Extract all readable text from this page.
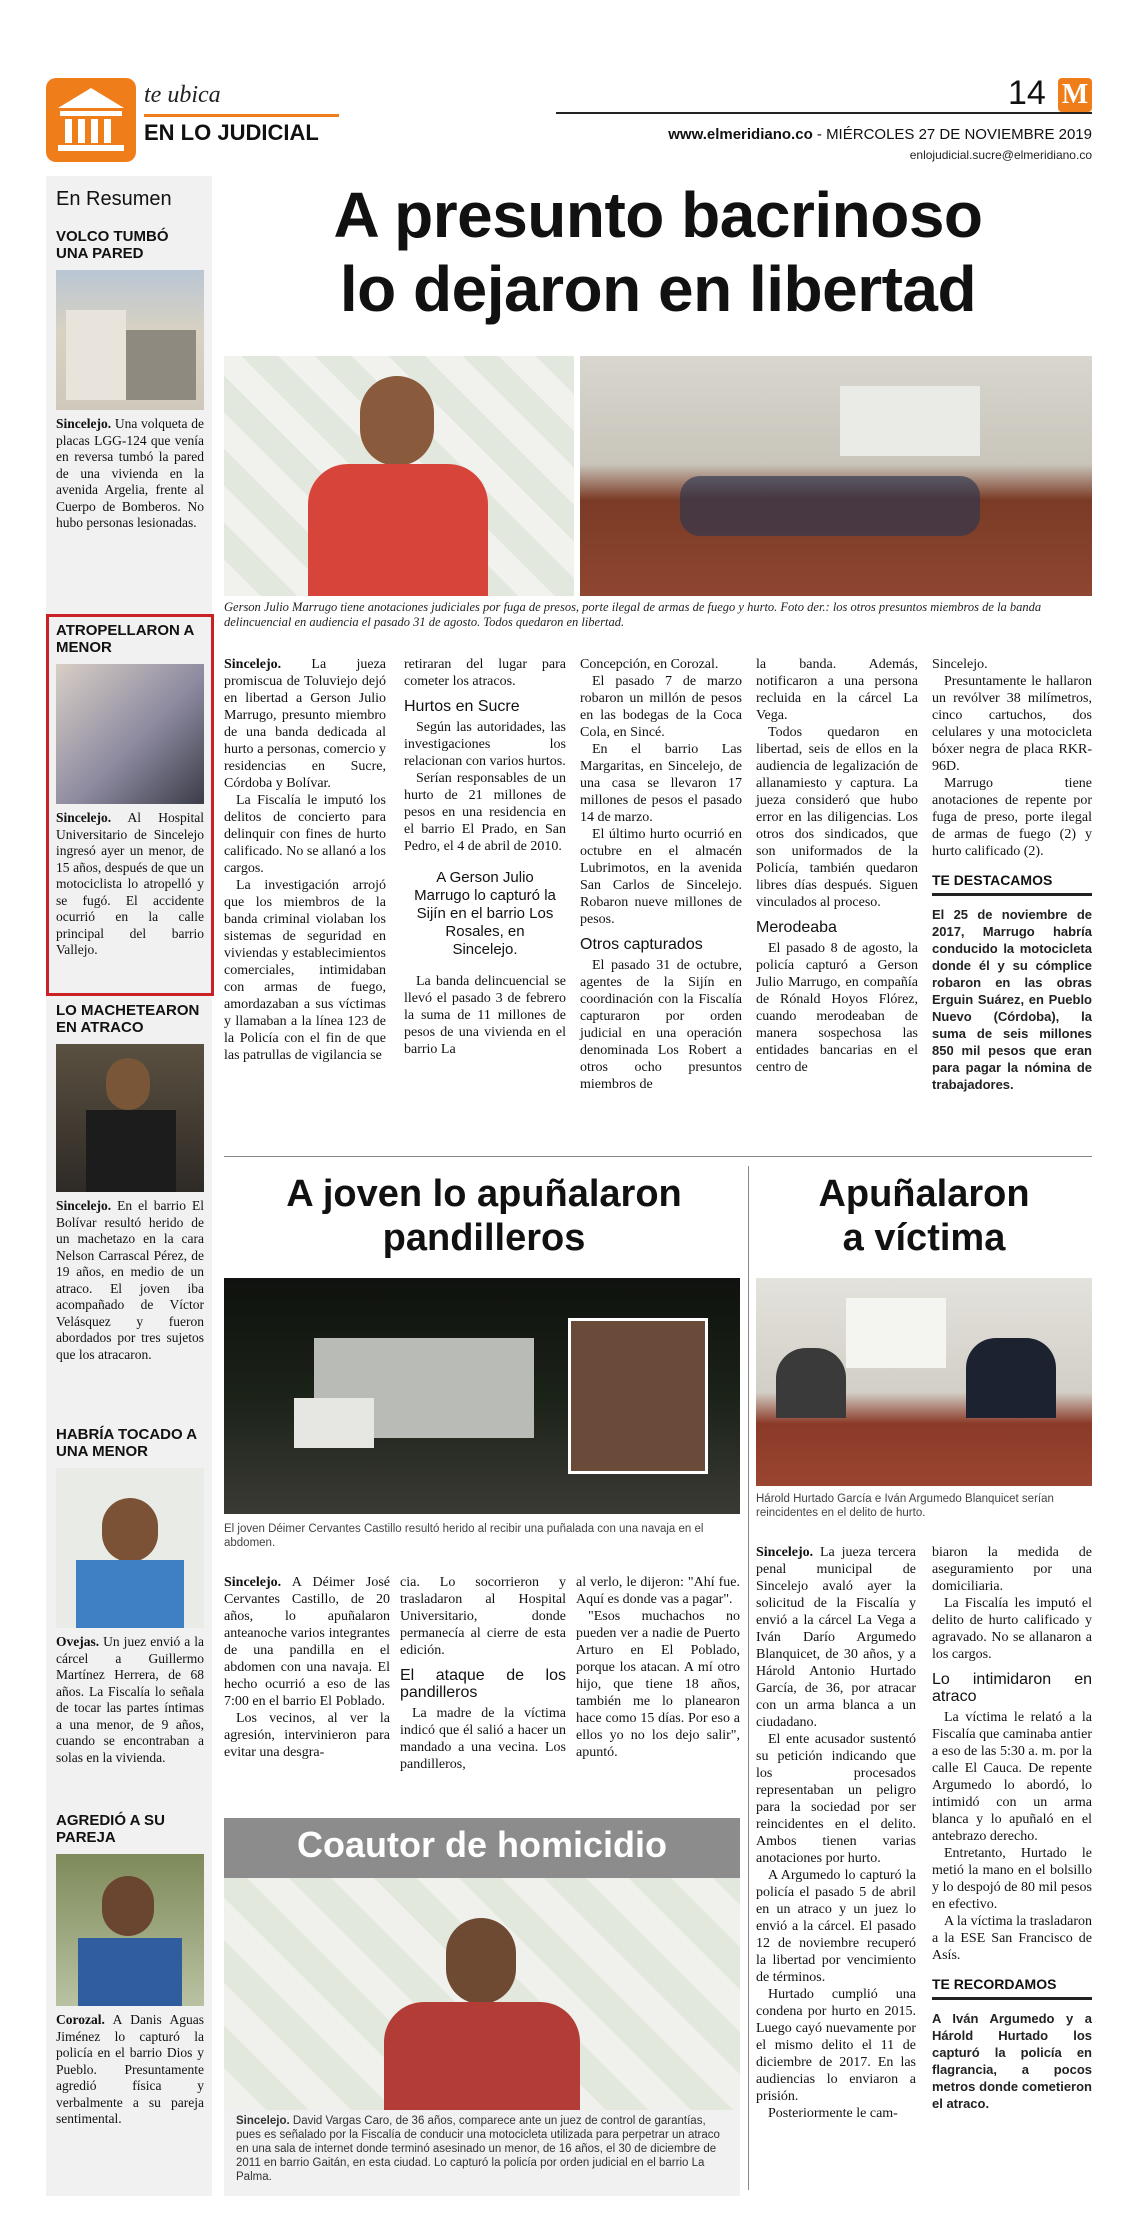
te ubica
EN LO JUDICIAL
14 M
www.elmeridiano.co - MIÉRCOLES 27 DE NOVIEMBRE 2019
enlojudicial.sucre@elmeridiano.co
En Resumen
VOLCO TUMBÓ UNA PARED
Sincelejo. Una volqueta de placas LGG-124 que venía en reversa tumbó la pared de una vivienda en la avenida Argelia, frente al Cuerpo de Bomberos. No hubo personas lesionadas.
ATROPELLARON A MENOR
Sincelejo. Al Hospital Universitario de Sincelejo ingresó ayer un menor, de 15 años, después de que un motociclista lo atropelló y se fugó. El accidente ocurrió en la calle principal del barrio Vallejo.
LO MACHETEARON EN ATRACO
Sincelejo. En el barrio El Bolívar resultó herido de un machetazo en la cara Nelson Carrascal Pérez, de 19 años, en medio de un atraco. El joven iba acompañado de Víctor Velásquez y fueron abordados por tres sujetos que los atracaron.
HABRÍA TOCADO A UNA MENOR
Ovejas. Un juez envió a la cárcel a Guillermo Martínez Herrera, de 68 años. La Fiscalía lo señala de tocar las partes íntimas a una menor, de 9 años, cuando se encontraban a solas en la vivienda.
AGREDIÓ A SU PAREJA
Corozal. A Danis Aguas Jiménez lo capturó la policía en el barrio Dios y Pueblo. Presuntamente agredió física y verbalmente a su pareja sentimental.
A presunto bacrinoso
lo dejaron en libertad
Gerson Julio Marrugo tiene anotaciones judiciales por fuga de presos, porte ilegal de armas de fuego y hurto. Foto der.: los otros presuntos miembros de la banda delincuencial en audiencia el pasado 31 de agosto. Todos quedaron en libertad.

Sincelejo. La jueza promiscua de Toluviejo dejó en libertad a Gerson Julio Marrugo, presunto miembro de una banda dedicada al hurto a personas, comercio y residencias en Sucre, Córdoba y Bolívar.

La Fiscalía le imputó los delitos de concierto para delinquir con fines de hurto calificado. No se allanó a los cargos.

La investigación arrojó que los miembros de la banda criminal violaban los sistemas de seguridad en viviendas y establecimientos comerciales, intimidaban con armas de fuego, amordazaban a sus víctimas y llamaban a la línea 123 de la Policía con el fin de que las patrullas de vigilancia se

retiraran del lugar para cometer los atracos.

Hurtos en Sucre

Según las autoridades, las investigaciones los relacionan con varios hurtos.

Serían responsables de un hurto de 21 millones de pesos en una residencia en el barrio El Prado, en San Pedro, el 4 de abril de 2010.

A Gerson Julio Marrugo lo capturó la Sijín en el barrio Los Rosales, en Sincelejo.

La banda delincuencial se llevó el pasado 3 de febrero la suma de 11 millones de pesos de una vivienda en el barrio La

Concepción, en Corozal.

El pasado 7 de marzo robaron un millón de pesos en las bodegas de la Coca Cola, en Sincé.

En el barrio Las Margaritas, en Sincelejo, de una casa se llevaron 17 millones de pesos el pasado 14 de marzo.

El último hurto ocurrió en octubre en el almacén Lubrimotos, en la avenida San Carlos de Sincelejo. Robaron nueve millones de pesos.

Otros capturados

El pasado 31 de octubre, agentes de la Sijín en coordinación con la Fiscalía capturaron por orden judicial en una operación denominada Los Robert a otros ocho presuntos miembros de

la banda. Además, notificaron a una persona recluida en la cárcel La Vega.

Todos quedaron en libertad, seis de ellos en la audiencia de legalización de allanamiesto y captura. La jueza consideró que hubo error en las diligencias. Los otros dos sindicados, que son uniformados de la Policía, también quedaron libres días después. Siguen vinculados al proceso.

Merodeaba

El pasado 8 de agosto, la policía capturó a Gerson Julio Marrugo, en compañía de Rónald Hoyos Flórez, cuando merodeaban de manera sospechosa las entidades bancarias en el centro de

Sincelejo.

Presuntamente le hallaron un revólver 38 milímetros, cinco cartuchos, dos celulares y una motocicleta bóxer negra de placa RKR-96D.

Marrugo tiene anotaciones de repente por fuga de preso, porte ilegal de armas de fuego (2) y hurto calificado (2).

TE DESTACAMOS
El 25 de noviembre de 2017, Marrugo habría conducido la motocicleta donde él y su cómplice robaron en las obras Erguin Suárez, en Pueblo Nuevo (Córdoba), la suma de seis millones 850 mil pesos que eran para pagar la nómina de trabajadores.
A joven lo apuñalaron
pandilleros
El joven Déimer Cervantes Castillo resultó herido al recibir una puñalada con una navaja en el abdomen.

Sincelejo. A Déimer José Cervantes Castillo, de 20 años, lo apuñalaron anteanoche varios integrantes de una pandilla en el abdomen con una navaja. El hecho ocurrió a eso de las 7:00 en el barrio El Poblado.

Los vecinos, al ver la agresión, intervinieron para evitar una desgra-

cia. Lo socorrieron y trasladaron al Hospital Universitario, donde permanecía al cierre de esta edición.

El ataque de los pandilleros

La madre de la víctima indicó que él salió a hacer un mandado a una vecina. Los pandilleros,

al verlo, le dijeron: "Ahí fue. Aquí es donde vas a pagar".

"Esos muchachos no pueden ver a nadie de Puerto Arturo en El Poblado, porque los atacan. A mí otro hijo, que tiene 18 años, también me lo planearon hace como 15 días. Por eso a ellos yo no los dejo salir", apuntó.

Coautor de homicidio
Sincelejo. David Vargas Caro, de 36 años, comparece ante un juez de control de garantías, pues es señalado por la Fiscalía de conducir una motocicleta utilizada para perpetrar un atraco en una sala de internet donde terminó asesinado un menor, de 16 años, el 30 de diciembre de 2011 en barrio Gaitán, en esta ciudad. Lo capturó la policía por orden judicial en el barrio La Palma.
Apuñalaron
a víctima
Hárold Hurtado García e Iván Argumedo Blanquicet serían reincidentes en el delito de hurto.

Sincelejo. La jueza tercera penal municipal de Sincelejo avaló ayer la solicitud de la Fiscalía y envió a la cárcel La Vega a Iván Darío Argumedo Blanquicet, de 30 años, y a Hárold Antonio Hurtado García, de 36, por atracar con un arma blanca a un ciudadano.

El ente acusador sustentó su petición indicando que los procesados representaban un peligro para la sociedad por ser reincidentes en el delito. Ambos tienen varias anotaciones por hurto.

A Argumedo lo capturó la policía el pasado 5 de abril en un atraco y un juez lo envió a la cárcel. El pasado 12 de noviembre recuperó la libertad por vencimiento de términos.

Hurtado cumplió una condena por hurto en 2015. Luego cayó nuevamente por el mismo delito el 11 de diciembre de 2017. En las audiencias lo enviaron a prisión.

Posteriormente le cam-

biaron la medida de aseguramiento por una domiciliaria.

La Fiscalía les imputó el delito de hurto calificado y agravado. No se allanaron a los cargos.

Lo intimidaron en atraco

La víctima le relató a la Fiscalía que caminaba antier a eso de las 5:30 a. m. por la calle El Cauca. De repente Argumedo lo abordó, lo intimidó con un arma blanca y lo apuñaló en el antebrazo derecho.

Entretanto, Hurtado le metió la mano en el bolsillo y lo despojó de 80 mil pesos en efectivo.

A la víctima la trasladaron a la ESE San Francisco de Asís.

TE RECORDAMOS
A Iván Argumedo y a Hárold Hurtado los capturó la policía en flagrancia, a pocos metros donde cometieron el atraco.
